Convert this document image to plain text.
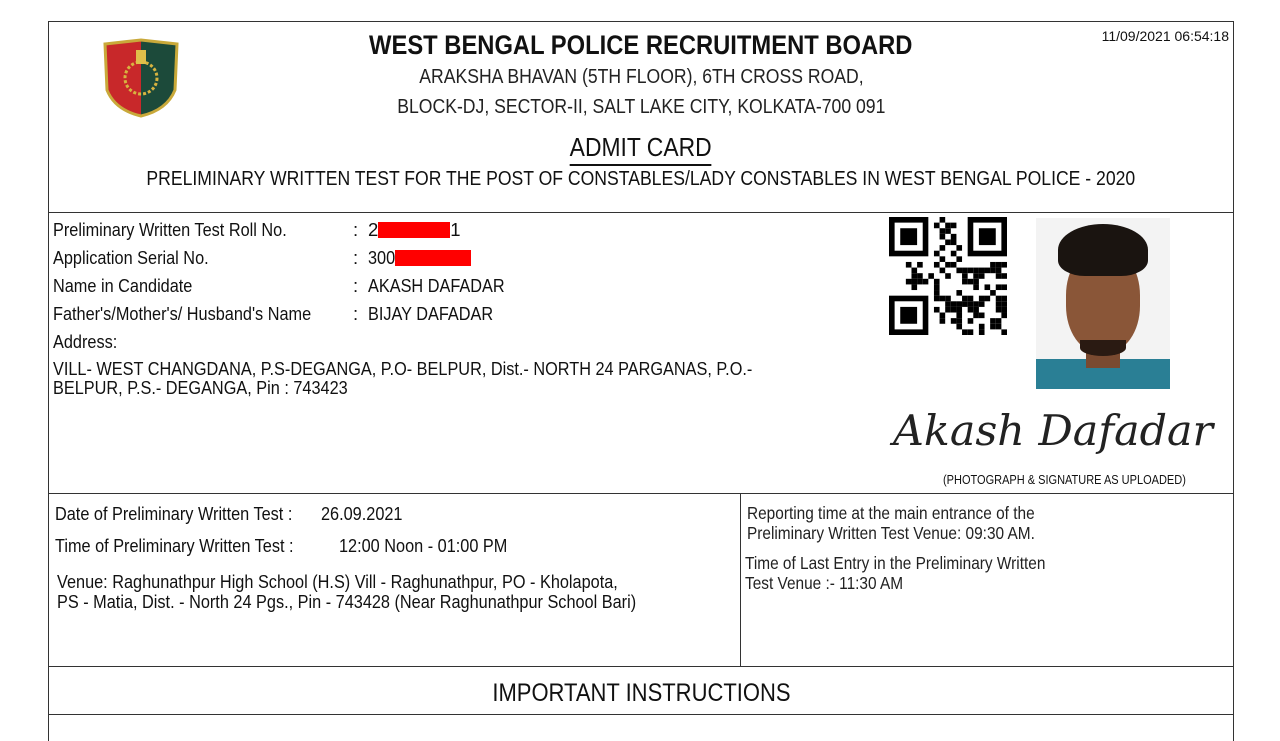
WEST BENGAL POLICE RECRUITMENT BOARD
ARAKSHA BHAVAN (5TH FLOOR), 6TH CROSS ROAD,
BLOCK-DJ, SECTOR-II, SALT LAKE CITY, KOLKATA-700 091
ADMIT CARD
PRELIMINARY WRITTEN TEST FOR THE POST OF CONSTABLES/LADY CONSTABLES IN WEST BENGAL POLICE - 2020
11/09/2021 06:54:18
Preliminary Written Test Roll No.	: 2	1
Application Serial No.	: 300
Name in Candidate	: AKASH DAFADAR
Father's/Mother's/ Husband's Name : BIJAY DAFADAR
Address:
VILL- WEST CHANGDANA, P.S-DEGANGA, P.O- BELPUR, Dist.- NORTH 24 PARGANAS, P.O.-
BELPUR, P.S.- DEGANGA, Pin : 743423
Akash Dafadar
(PHOTOGRAPH & SIGNATURE AS UPLOADED)
Date of Preliminary Written Test : 26.09.2021
Time of Preliminary Written Test : 12:00 Noon - 01:00 PM
Venue: Raghunathpur High School (H.S) Vill - Raghunathpur, PO - Kholapota,
PS - Matia, Dist. - North 24 Pgs., Pin - 743428 (Near Raghunathpur School Bari)
Reporting time at the main entrance of the
Preliminary Written Test Venue: 09:30 AM.
Time of Last Entry in the Preliminary Written
Test Venue :- 11:30 AM
IMPORTANT INSTRUCTIONS
